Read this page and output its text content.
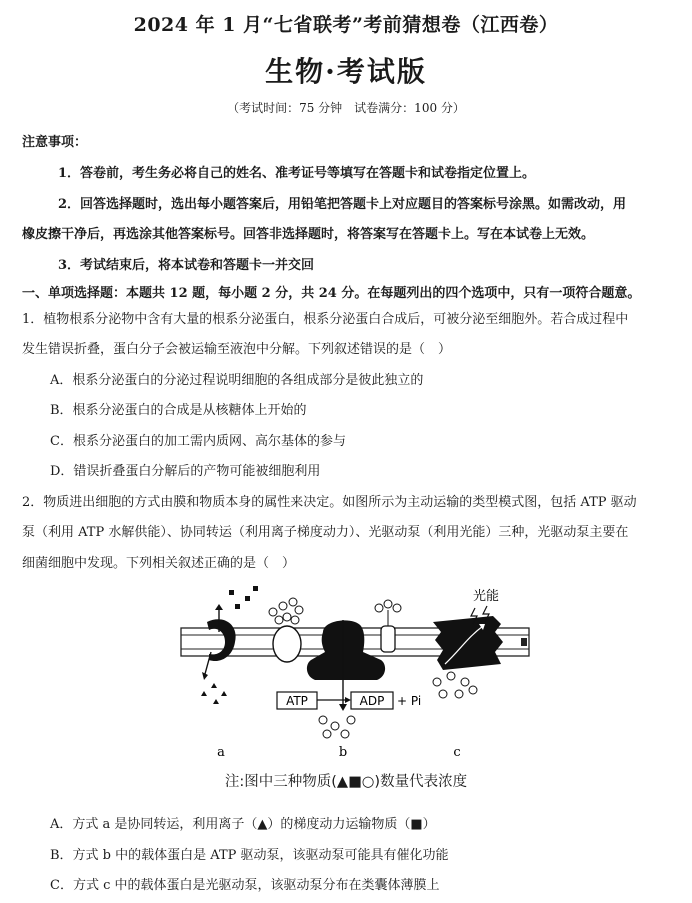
2024 年 1 月“七省联考”考前猜想卷（江西卷）
生物·考试版
（考试时间：75 分钟　试卷满分：100 分）
注意事项：
1．答卷前，考生务必将自己的姓名、准考证号等填写在答题卡和试卷指定位置上。
2．回答选择题时，选出每小题答案后，用铅笔把答题卡上对应题目的答案标号涂黑。如需改动，用
橡皮擦干净后，再选涂其他答案标号。回答非选择题时，将答案写在答题卡上。写在本试卷上无效。
3．考试结束后，将本试卷和答题卡一并交回
一、单项选择题：本题共 12 题，每小题 2 分，共 24 分。在每题列出的四个选项中，只有一项符合题意。
1．植物根系分泌物中含有大量的根系分泌蛋白，根系分泌蛋白合成后，可被分泌至细胞外。若合成过程中
发生错误折叠，蛋白分子会被运输至液泡中分解。下列叙述错误的是（　）
A．根系分泌蛋白的分泌过程说明细胞的各组成部分是彼此独立的
B．根系分泌蛋白的合成是从核糖体上开始的
C．根系分泌蛋白的加工需内质网、高尔基体的参与
D．错误折叠蛋白分解后的产物可能被细胞利用
2．物质进出细胞的方式由膜和物质本身的属性来决定。如图所示为主动运输的类型模式图，包括 ATP 驱动
泵（利用 ATP 水解供能）、协同转运（利用离子梯度动力）、光驱动泵（利用光能）三种，光驱动泵主要在
细菌细胞中发现。下列相关叙述正确的是（　）
ATP	ADP + Pi
光能
a	b	c
注:图中三种物质(▲■○)数量代表浓度
A．方式 a 是协同转运，利用离子（▲）的梯度动力运输物质（■）
B．方式 b 中的载体蛋白是 ATP 驱动泵，该驱动泵可能具有催化功能
C．方式 c 中的载体蛋白是光驱动泵，该驱动泵分布在类囊体薄膜上
